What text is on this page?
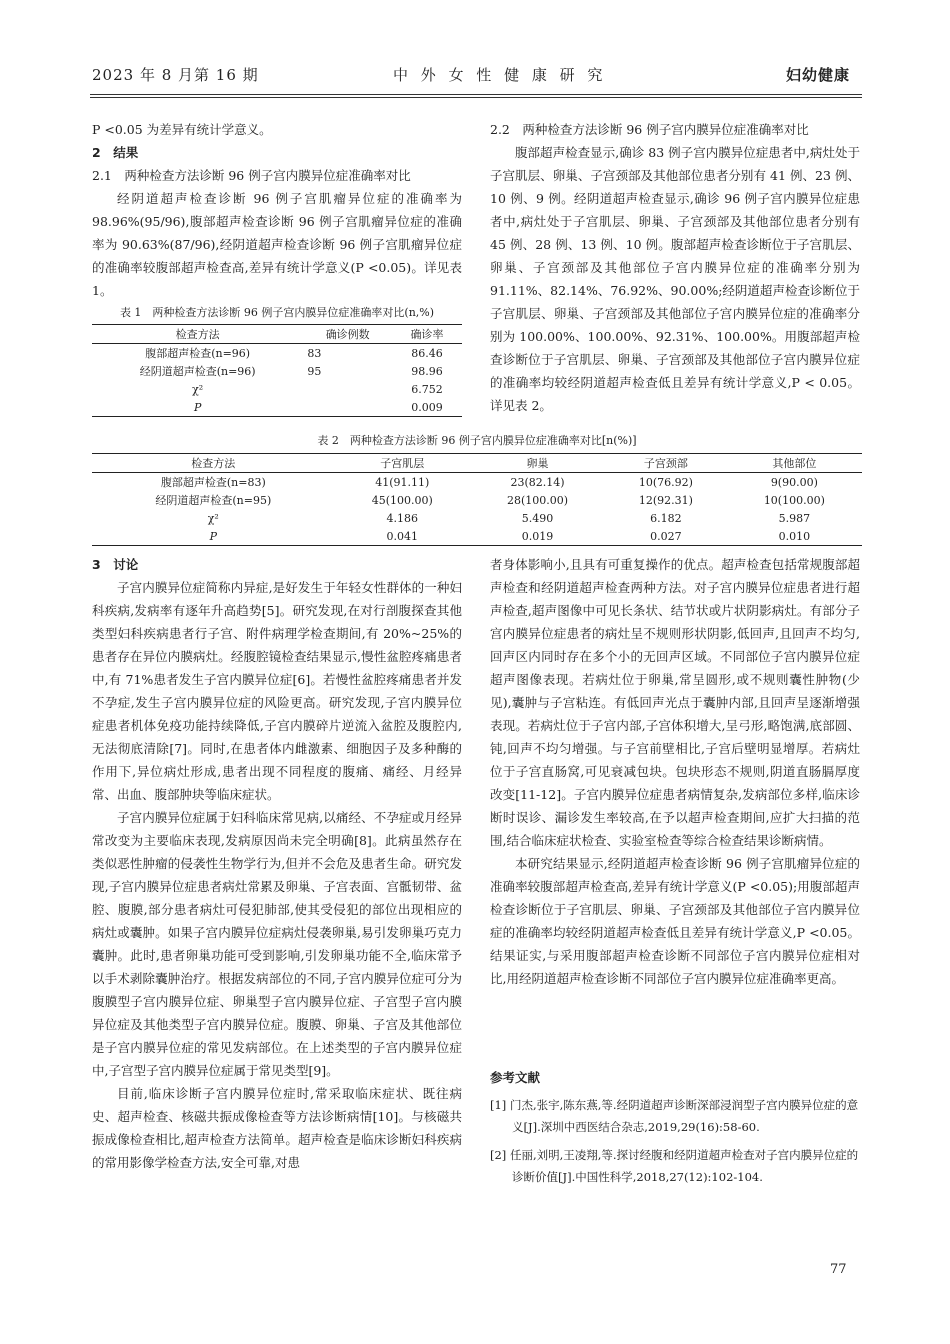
2023 年 8 月第 16 期	中 外 女 性 健 康 研 究	妇幼健康

P <0.05 为差异有统计学意义。

2　结果

2.1　两种检查方法诊断 96 例子宫内膜异位症准确率对比

经阴道超声检查诊断 96 例子宫肌瘤异位症的准确率为 98.96%(95/96),腹部超声检查诊断 96 例子宫肌瘤异位症的准确率为 90.63%(87/96),经阴道超声检查诊断 96 例子宫肌瘤异位症的准确率较腹部超声检查高,差异有统计学意义(P <0.05)。详见表 1。

表 1　两种检查方法诊断 96 例子宫内膜异位症准确率对比(n,%)
检查方法	确诊例数	确诊率
腹部超声检查(n=96)	83	86.46
经阴道超声检查(n=96)	95	98.96
χ²		6.752
P		0.009

2.2　两种检查方法诊断 96 例子宫内膜异位症准确率对比

腹部超声检查显示,确诊 83 例子宫内膜异位症患者中,病灶处于子宫肌层、卵巢、子宫颈部及其他部位患者分别有 41 例、23 例、10 例、9 例。经阴道超声检查显示,确诊 96 例子宫内膜异位症患者中,病灶处于子宫肌层、卵巢、子宫颈部及其他部位患者分别有 45 例、28 例、13 例、10 例。腹部超声检查诊断位于子宫肌层、卵巢、子宫颈部及其他部位子宫内膜异位症的准确率分别为 91.11%、82.14%、76.92%、90.00%;经阴道超声检查诊断位于子宫肌层、卵巢、子宫颈部及其他部位子宫内膜异位症的准确率分别为 100.00%、100.00%、92.31%、100.00%。用腹部超声检查诊断位于子宫肌层、卵巢、子宫颈部及其他部位子宫内膜异位症的准确率均较经阴道超声检查低且差异有统计学意义,P < 0.05。详见表 2。

表 2　两种检查方法诊断 96 例子宫内膜异位症准确率对比[n(%)]
检查方法	子宫肌层	卵巢	子宫颈部	其他部位
腹部超声检查(n=83)	41(91.11)	23(82.14)	10(76.92)	9(90.00)
经阴道超声检查(n=95)	45(100.00)	28(100.00)	12(92.31)	10(100.00)
χ²	4.186	5.490	6.182	5.987
P	0.041	0.019	0.027	0.010

3　讨论

子宫内膜异位症简称内异症,是好发生于年轻女性群体的一种妇科疾病,发病率有逐年升高趋势[5]。研究发现,在对行剖腹探查其他类型妇科疾病患者行子宫、附件病理学检查期间,有 20%~25%的患者存在异位内膜病灶。经腹腔镜检查结果显示,慢性盆腔疼痛患者中,有 71%患者发生子宫内膜异位症[6]。若慢性盆腔疼痛患者并发不孕症,发生子宫内膜异位症的风险更高。研究发现,子宫内膜异位症患者机体免疫功能持续降低,子宫内膜碎片逆流入盆腔及腹腔内,无法彻底清除[7]。同时,在患者体内雌激素、细胞因子及多种酶的作用下,异位病灶形成,患者出现不同程度的腹痛、痛经、月经异常、出血、腹部肿块等临床症状。

子宫内膜异位症属于妇科临床常见病,以痛经、不孕症或月经异常改变为主要临床表现,发病原因尚未完全明确[8]。此病虽然存在类似恶性肿瘤的侵袭性生物学行为,但并不会危及患者生命。研究发现,子宫内膜异位症患者病灶常累及卵巢、子宫表面、宫骶韧带、盆腔、腹膜,部分患者病灶可侵犯肺部,使其受侵犯的部位出现相应的病灶或囊肿。如果子宫内膜异位症病灶侵袭卵巢,易引发卵巢巧克力囊肿。此时,患者卵巢功能可受到影响,引发卵巢功能不全,临床常予以手术剥除囊肿治疗。根据发病部位的不同,子宫内膜异位症可分为腹膜型子宫内膜异位症、卵巢型子宫内膜异位症、子宫型子宫内膜异位症及其他类型子宫内膜异位症。腹膜、卵巢、子宫及其他部位是子宫内膜异位症的常见发病部位。在上述类型的子宫内膜异位症中,子宫型子宫内膜异位症属于常见类型[9]。

目前,临床诊断子宫内膜异位症时,常采取临床症状、既往病史、超声检查、核磁共振成像检查等方法诊断病情[10]。与核磁共振成像检查相比,超声检查方法简单。超声检查是临床诊断妇科疾病的常用影像学检查方法,安全可靠,对患

者身体影响小,且具有可重复操作的优点。超声检查包括常规腹部超声检查和经阴道超声检查两种方法。对子宫内膜异位症患者进行超声检查,超声图像中可见长条状、结节状或片状阴影病灶。有部分子宫内膜异位症患者的病灶呈不规则形状阴影,低回声,且回声不均匀,回声区内同时存在多个小的无回声区域。不同部位子宫内膜异位症超声图像表现。若病灶位于卵巢,常呈圆形,或不规则囊性肿物(少见),囊肿与子宫粘连。有低回声光点于囊肿内部,且回声呈逐渐增强表现。若病灶位于子宫内部,子宫体积增大,呈弓形,略饱满,底部圆、钝,回声不均匀增强。与子宫前壁相比,子宫后壁明显增厚。若病灶位于子宫直肠窝,可见衰减包块。包块形态不规则,阴道直肠膈厚度改变[11-12]。子宫内膜异位症患者病情复杂,发病部位多样,临床诊断时误诊、漏诊发生率较高,在予以超声检查期间,应扩大扫描的范围,结合临床症状检查、实验室检查等综合检查结果诊断病情。

本研究结果显示,经阴道超声检查诊断 96 例子宫肌瘤异位症的准确率较腹部超声检查高,差异有统计学意义(P <0.05);用腹部超声检查诊断位于子宫肌层、卵巢、子宫颈部及其他部位子宫内膜异位症的准确率均较经阴道超声检查低且差异有统计学意义,P <0.05。结果证实,与采用腹部超声检查诊断不同部位子宫内膜异位症相对比,用经阴道超声检查诊断不同部位子宫内膜异位症准确率更高。

参考文献

[1] 门杰,张宇,陈东燕,等.经阴道超声诊断深部浸润型子宫内膜异位症的意义[J].深圳中西医结合杂志,2019,29(16):58-60.

[2] 任丽,刘明,王凌翔,等.探讨经腹和经阴道超声检查对子宫内膜异位症的诊断价值[J].中国性科学,2018,27(12):102-104.

77
